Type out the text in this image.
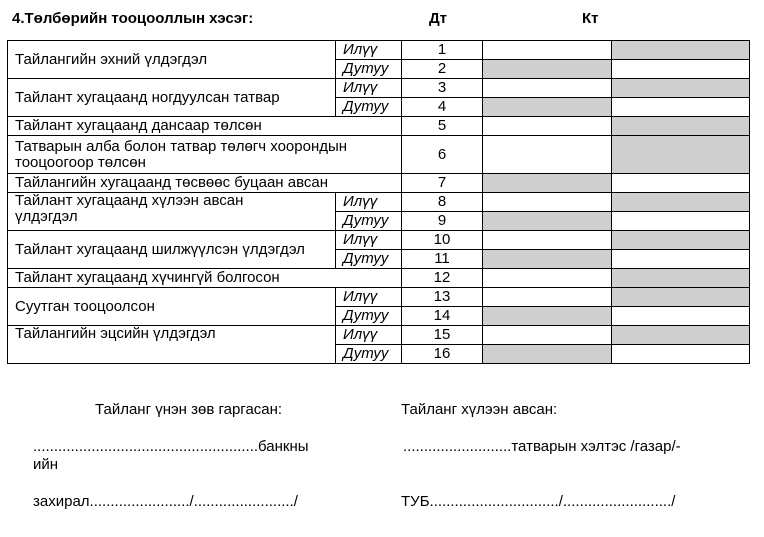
4.Төлбөрийн тооцооллын хэсэг:	Дт	Кт
Тайлангийн эхний үлдэгдэл	Илүү	1		
	Дутуу	2		
Тайлант хугацаанд ногдуулсан татвар	Илүү	3		
	Дутуу	4		
Тайлант хугацаанд дансаар төлсөн		5		
Татварын алба болон татвар төлөгч хоорондын тооцоогоор төлсөн		6		
Тайлангийн хугацаанд төсвөөс буцаан авсан		7		
Тайлант хугацаанд хүлээн авсан үлдэгдэл	Илүү	8		
	Дутуу	9		
Тайлант хугацаанд шилжүүлсэн үлдэгдэл	Илүү	10		
	Дутуу	11		
Тайлант хугацаанд хүчингүй болгосон		12		
Суутган тооцоолсон	Илүү	13		
	Дутуу	14		
Тайлангийн эцсийн үлдэгдэл	Илүү	15		
	Дутуу	16		
Тайланг үнэн зөв гаргасан:	Тайланг хүлээн авсан:
......................................................банкны
ийн
..........................татварын хэлтэс /газар/-
захирал......................../......................../	ТУБ.............................../........................../
